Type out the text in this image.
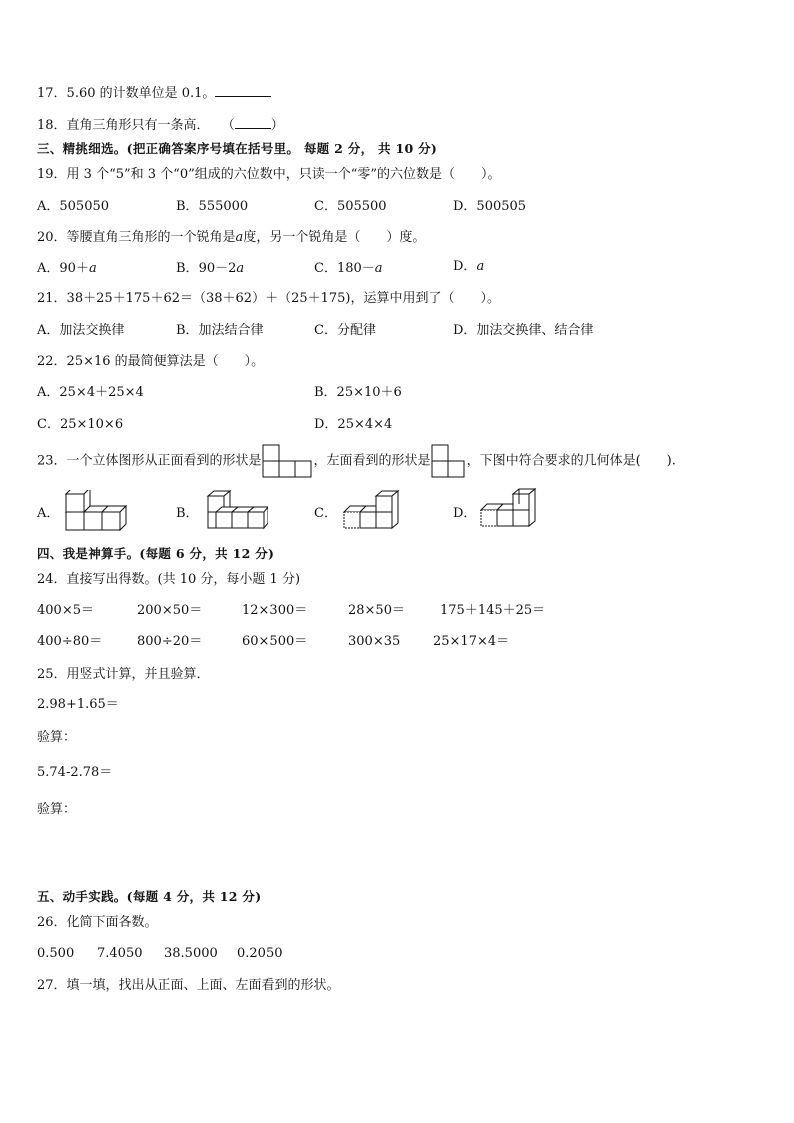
17．5.60 的计数单位是 0.1。
18．直角三角形只有一条高． （	）
三、精挑细选。(把正确答案序号填在括号里。 每题 2 分， 共 10 分)
19．用 3 个“5”和 3 个“0”组成的六位数中，只读一个“零”的六位数是（　　）。
A．505050	B．555000	C．505500	D．500505
20．等腰直角三角形的一个锐角是a度，另一个锐角是（　　）度。
A．90＋a	B．90－2a	C．180－a	D．a
21．38＋25＋175＋62＝（38＋62）＋（25＋175)，运算中用到了（　　）。
A．加法交换律	B．加法结合律	C．分配律	D．加法交换律、结合律
22．25×16 的最简便算法是（　　）。
A．25×4＋25×4	B．25×10＋6
C．25×10×6	D．25×4×4
23．一个立体图形从正面看到的形状是	，左面看到的形状是	，下图中符合要求的几何体是(　　).
A．	B．	C．	D．
四、我是神算手。(每题 6 分，共 12 分)
24．直接写出得数。(共 10 分，每小题 1 分)
400×5＝	200×50＝	12×300＝	28×50＝	175＋145＋25＝
400÷80＝	800÷20＝	60×500＝	300×35	25×17×4＝
25．用竖式计算，并且验算．
2.98+1.65＝
验算：
5.74-2.78＝
验算：
五、动手实践。(每题 4 分，共 12 分)
26．化简下面各数。
0.500 7.4050 38.5000 0.2050
27．填一填，找出从正面、上面、左面看到的形状。
